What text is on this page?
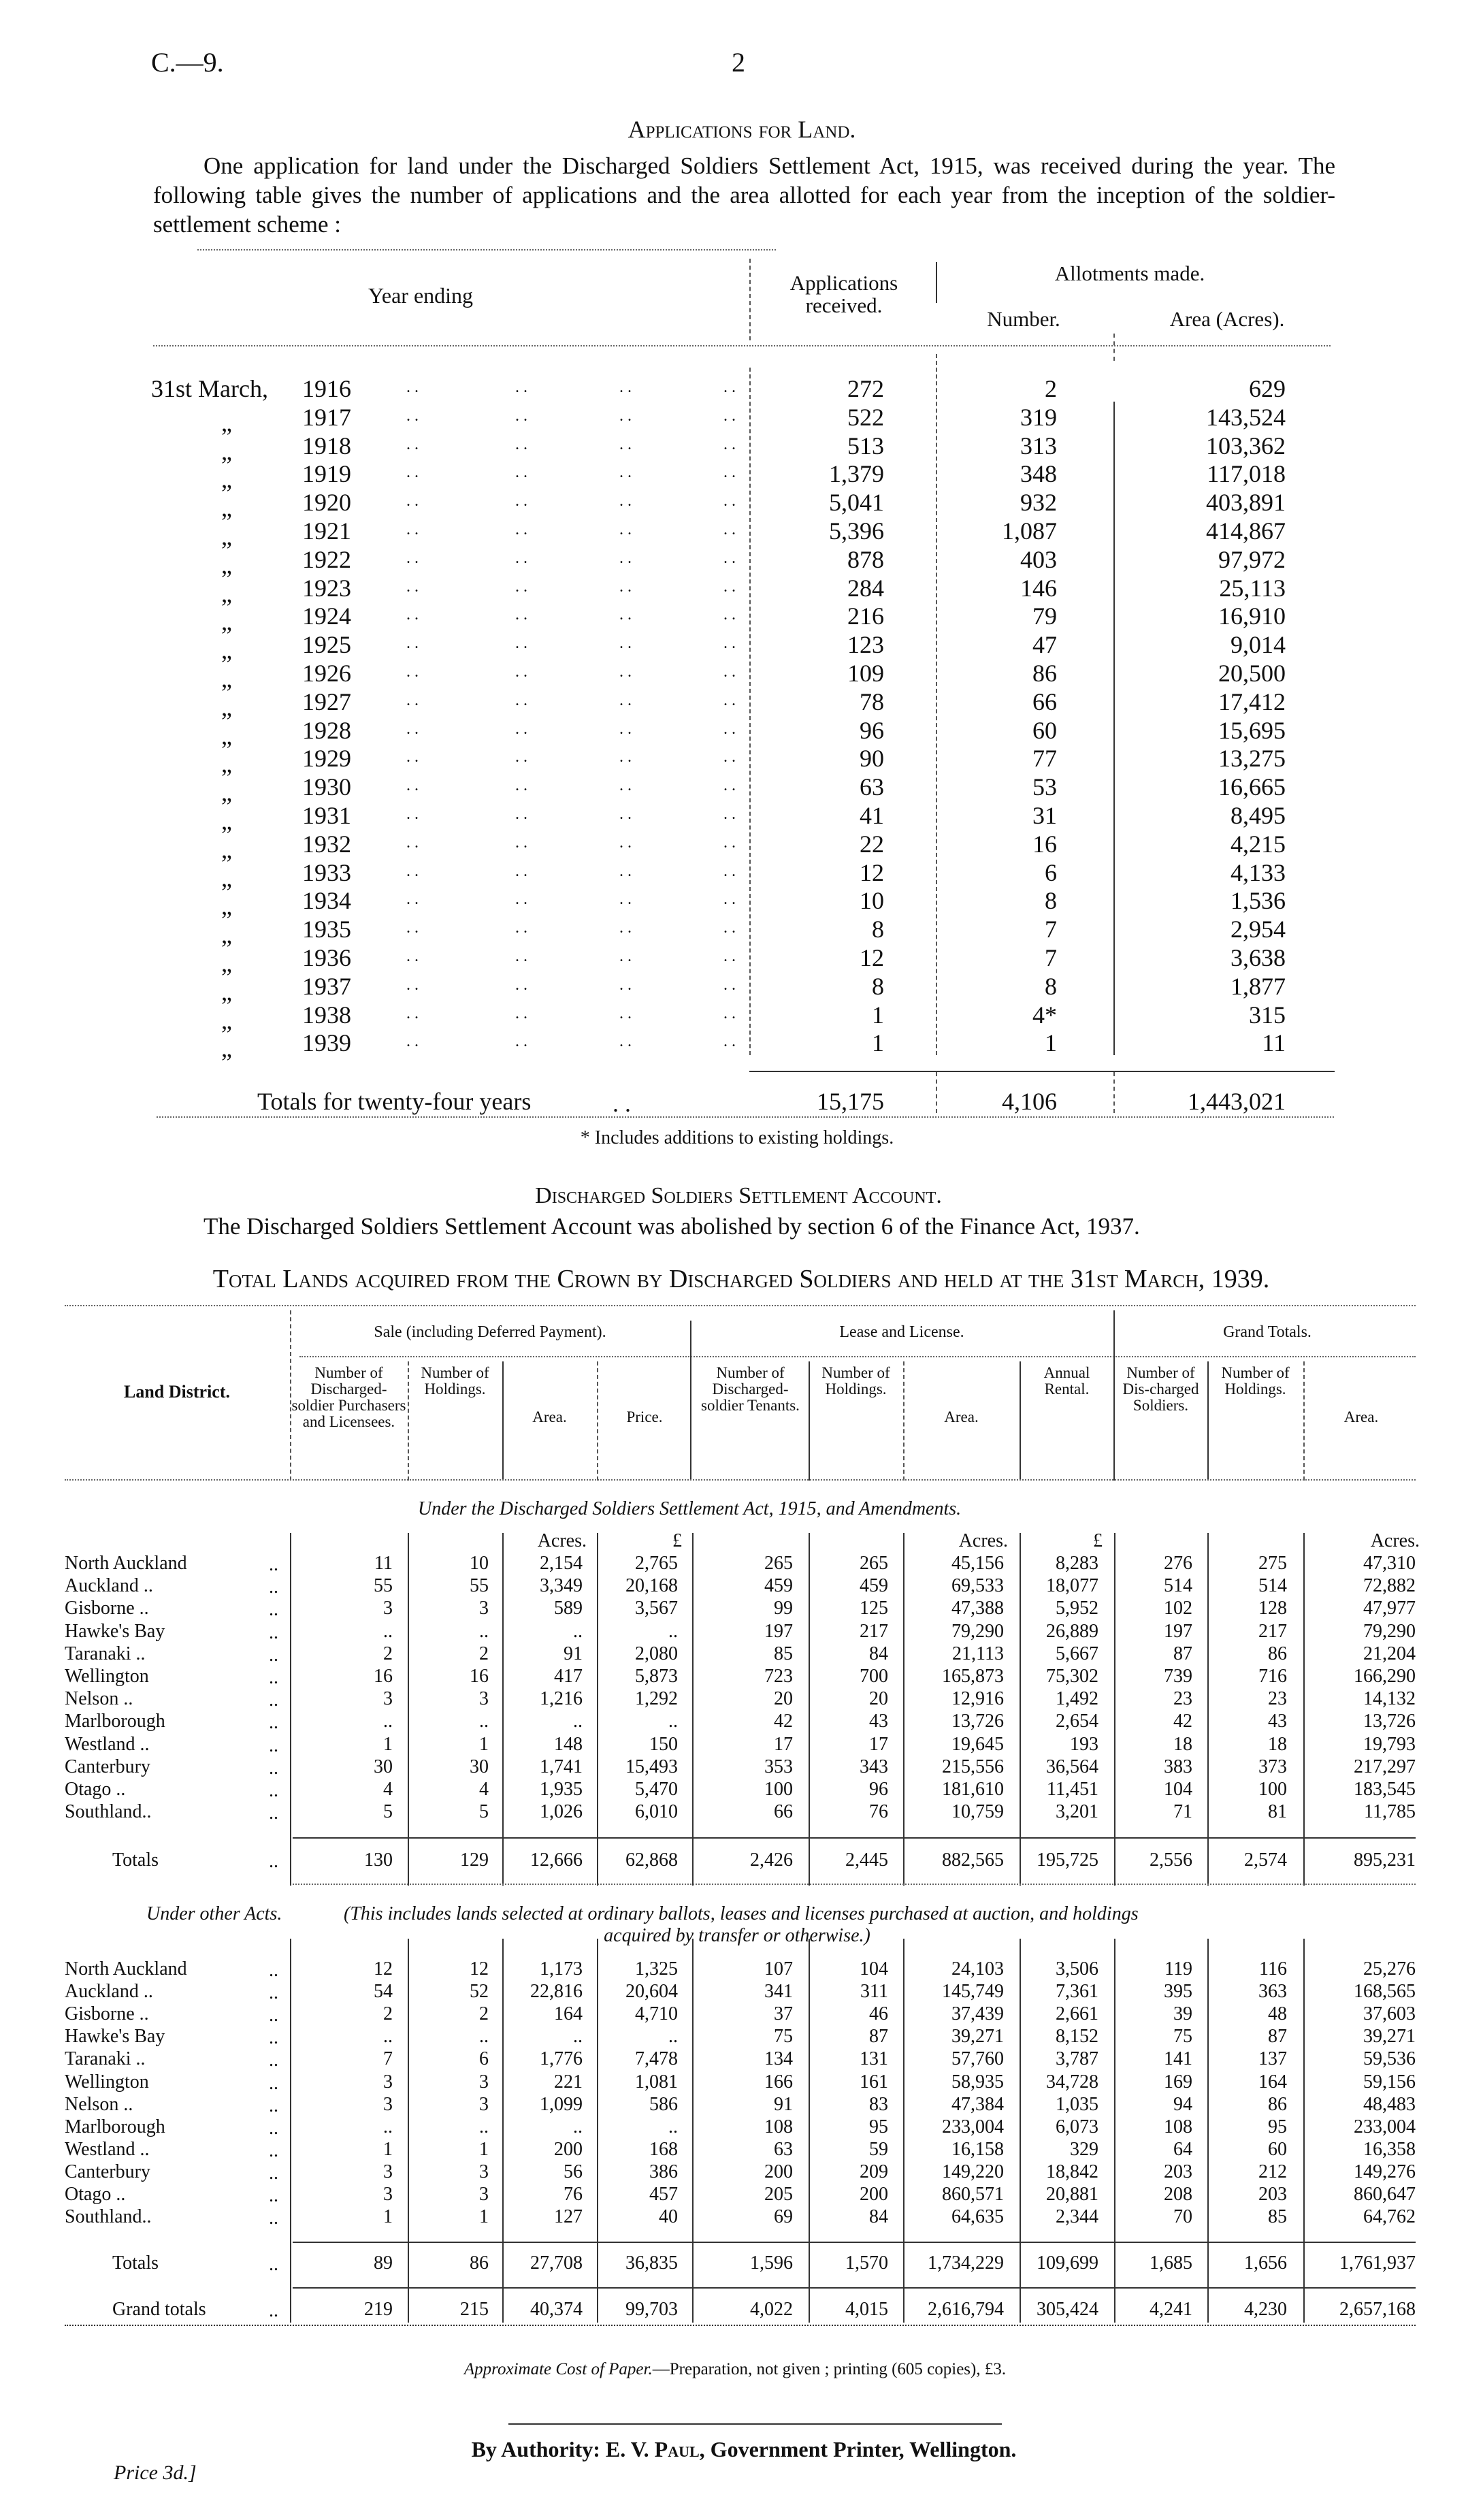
C.—9.	2
Applications for Land.
One application for land under the Discharged Soldiers Settlement Act, 1915, was received during the year. The following table gives the number of applications and the area allotted for each year from the inception of the soldier-settlement scheme :
Year ending
Applications received.
Allotments made.
Number.	Area (Acres).
31st March, 1916	. .	. .	. .	. .	272	2	629
„	1917	. .	. .	. .	. .	522	319	143,524
„	1918	. .	. .	. .	. .	513	313	103,362
„	1919	. .	. .	. .	. .	1,379	348	117,018
„	1920	. .	. .	. .	. .	5,041	932	403,891
„	1921	. .	. .	. .	. .	5,396	1,087	414,867
„	1922	. .	. .	. .	. .	878	403	97,972
„	1923	. .	. .	. .	. .	284	146	25,113
„	1924	. .	. .	. .	. .	216	79	16,910
„	1925	. .	. .	. .	. .	123	47	9,014
„	1926	. .	. .	. .	. .	109	86	20,500
„	1927	. .	. .	. .	. .	78	66	17,412
„	1928	. .	. .	. .	. .	96	60	15,695
„	1929	. .	. .	. .	. .	90	77	13,275
„	1930	. .	. .	. .	. .	63	53	16,665
„	1931	. .	. .	. .	. .	41	31	8,495
„	1932	. .	. .	. .	. .	22	16	4,215
„	1933	. .	. .	. .	. .	12	6	4,133
„	1934	. .	. .	. .	. .	10	8	1,536
„	1935	. .	. .	. .	. .	8	7	2,954
„	1936	. .	. .	. .	. .	12	7	3,638
„	1937	. .	. .	. .	. .	8	8	1,877
„	1938	. .	. .	. .	. .	1	4*	315
„	1939	. .	. .	. .	. .	1	1	11
Totals for twenty-four years	. .	15,175	4,106	1,443,021
* Includes additions to existing holdings.
Discharged Soldiers Settlement Account.
The Discharged Soldiers Settlement Account was abolished by section 6 of the Finance Act, 1937.
Total Lands acquired from the Crown by Discharged Soldiers and held at the 31st March, 1939.
Sale (including Deferred Payment).	Lease and License.	Grand Totals.
Land District.
Number of Discharged-soldier Purchasers and Licensees.
Number of Holdings.
Area.	Price.
Number of Discharged-soldier Tenants.
Number of Holdings.
Area.
Annual Rental.
Number of Dis-charged Soldiers.
Number of Holdings.
Area.
Acres.	£	Acres.	£	Acres.
Under the Discharged Soldiers Settlement Act, 1915, and Amendments.
North Auckland	..	11	10	2,154	2,765	265	265	45,156	8,283	276	275	47,310
Auckland ..	..	55	55	3,349 20,168	459	459	69,533 18,077	514	514	72,882
Gisborne ..	..	3	3	589	3,567	99	125	47,388	5,952	102	128	47,977
Hawke's Bay	..	..	..	..	..	197	217	79,290 26,889	197	217	79,290
Taranaki ..	..	2	2	91	2,080	85	84	21,113	5,667	87	86	21,204
Wellington	..	16	16	417	5,873	723	700	165,873 75,302	739	716	166,290
Nelson ..	..	3	3	1,216	1,292	20	20	12,916	1,492	23	23	14,132
Marlborough	..	..	..	..	..	42	43	13,726	2,654	42	43	13,726
Westland ..	..	1	1	148	150	17	17	19,645	193	18	18	19,793
Canterbury	..	30	30	1,741 15,493	353	343	215,556 36,564	383	373	217,297
Otago ..	..	4	4	1,935	5,470	100	96	181,610 11,451	104	100	183,545
Southland..	..	5	5	1,026	6,010	66	76	10,759	3,201	71	81	11,785
Totals	..	130	129 12,666 62,868	2,426	2,445	882,565 195,725	2,556	2,574	895,231
Under other Acts.	(This includes lands selected at ordinary ballots, leases and licenses purchased at auction, and holdings
acquired by transfer or otherwise.)
North Auckland	..	12	12	1,173	1,325	107	104	24,103	3,506	119	116	25,276
Auckland ..	..	54	52 22,816 20,604	341	311	145,749	7,361	395	363	168,565
Gisborne ..	..	2	2	164	4,710	37	46	37,439	2,661	39	48	37,603
Hawke's Bay	..	..	..	..	..	75	87	39,271	8,152	75	87	39,271
Taranaki ..	..	7	6	1,776	7,478	134	131	57,760	3,787	141	137	59,536
Wellington	..	3	3	221	1,081	166	161	58,935 34,728	169	164	59,156
Nelson ..	..	3	3	1,099	586	91	83	47,384	1,035	94	86	48,483
Marlborough	..	..	..	..	..	108	95	233,004	6,073	108	95	233,004
Westland ..	..	1	1	200	168	63	59	16,158	329	64	60	16,358
Canterbury	..	3	3	56	386	200	209	149,220 18,842	203	212	149,276
Otago ..	..	3	3	76	457	205	200	860,571 20,881	208	203	860,647
Southland..	..	1	1	127	40	69	84	64,635	2,344	70	85	64,762
Totals	..	89	86 27,708 36,835	1,596	1,570 1,734,229 109,699	1,685	1,656	1,761,937
Grand totals	..	219	215 40,374 99,703	4,022	4,015 2,616,794 305,424	4,241	4,230	2,657,168
Approximate Cost of Paper.—Preparation, not given ; printing (605 copies), £3.
By Authority: E. V. Paul, Government Printer, Wellington.
Price 3d.]
